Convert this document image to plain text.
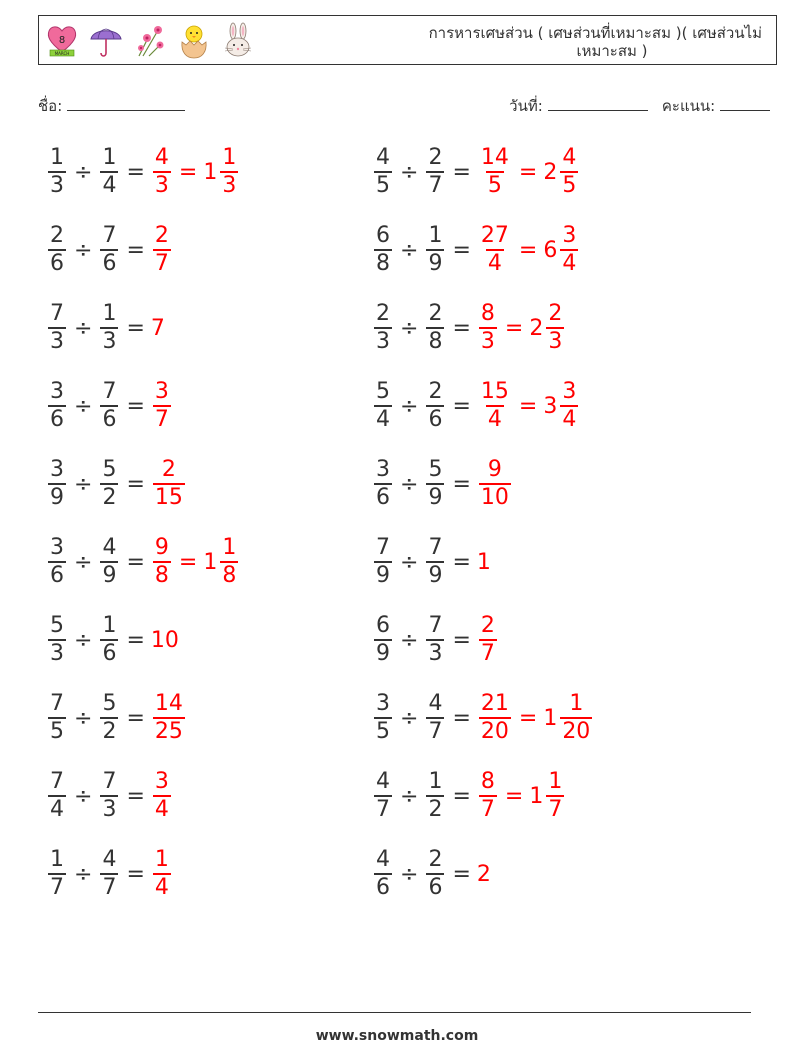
8
MARCH
การหารเศษส่วน ( เศษส่วนที่เหมาะสม )( เศษส่วนไม่
เหมาะสม )
ชื่อ:	วันที่:	คะแนน:
$\frac{1}{3} \div \frac{1}{4} = \frac{4}{3} = 1 \frac{1}{3}$	$\frac{4}{5} \div \frac{2}{7} = \frac{14}{5} = 2 \frac{4}{5}$
$\frac{2}{6} \div \frac{7}{6} = \frac{2}{7}$	$\frac{6}{8} \div \frac{1}{9} = \frac{27}{4} = 6 \frac{3}{4}$
$\frac{7}{3} \div \frac{1}{3} = 7$	$\frac{2}{3} \div \frac{2}{8} = \frac{8}{3} = 2 \frac{2}{3}$
$\frac{3}{6} \div \frac{7}{6} = \frac{3}{7}$	$\frac{5}{4} \div \frac{2}{6} = \frac{15}{4} = 3 \frac{3}{4}$
$\frac{3}{9} \div \frac{5}{2} = \frac{2}{15}$	$\frac{3}{6} \div \frac{5}{9} = \frac{9}{10}$
$\frac{3}{6} \div \frac{4}{9} = \frac{9}{8} = 1 \frac{1}{8}$	$\frac{7}{9} \div \frac{7}{9} = 1$
$\frac{5}{3} \div \frac{1}{6} = 10$	$\frac{6}{9} \div \frac{7}{3} = \frac{2}{7}$
$\frac{7}{5} \div \frac{5}{2} = \frac{14}{25}$	$\frac{3}{5} \div \frac{4}{7} = \frac{21}{20} = 1 \frac{1}{20}$
$\frac{7}{4} \div \frac{7}{3} = \frac{3}{4}$	$\frac{4}{7} \div \frac{1}{2} = \frac{8}{7} = 1 \frac{1}{7}$
$\frac{1}{7} \div \frac{4}{7} = \frac{1}{4}$	$\frac{4}{6} \div \frac{2}{6} = 2$
www.snowmath.com
